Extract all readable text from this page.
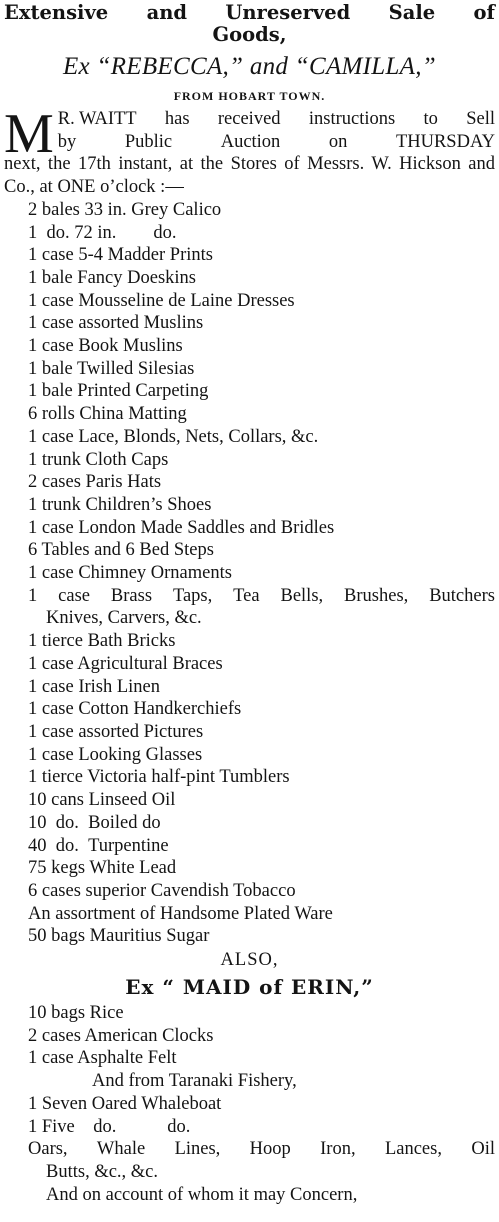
Extensive and Unreserved Sale of
Goods,
Ex “REBECCA,” and “CAMILLA,”
FROM HOBART TOWN.
M R. WAITT has received instructions to Sell
by	Public	Auction	on	THURSDAY
next, the 17th instant, at the Stores of Messrs. W. Hickson and Co., at ONE o’clock :—
2 bales 33 in. Grey Calico
1  do. 72 in.        do.
1 case 5-4 Madder Prints
1 bale Fancy Doeskins
1 case Mousseline de Laine Dresses
1 case assorted Muslins
1 case Book Muslins
1 bale Twilled Silesias
1 bale Printed Carpeting
6 rolls China Matting
1 case Lace, Blonds, Nets, Collars, &c.
1 trunk Cloth Caps
2 cases Paris Hats
1 trunk Children’s Shoes
1 case London Made Saddles and Bridles
6 Tables and 6 Bed Steps
1 case Chimney Ornaments
1 case Brass Taps, Tea Bells, Brushes, Butchers
Knives, Carvers, &c.
1 tierce Bath Bricks
1 case Agricultural Braces
1 case Irish Linen
1 case Cotton Handkerchiefs
1 case assorted Pictures
1 case Looking Glasses
1 tierce Victoria half-pint Tumblers
10 cans Linseed Oil
10  do.  Boiled do
40  do.  Turpentine
75 kegs White Lead
6 cases superior Cavendish Tobacco
An assortment of Handsome Plated Ware
50 bags Mauritius Sugar
ALSO,
Ex “ MAID of ERIN,”
10 bags Rice
2 cases American Clocks
1 case Asphalte Felt
And from Taranaki Fishery,
1 Seven Oared Whaleboat
1 Five    do.           do.
Oars, Whale Lines, Hoop Iron, Lances, Oil
Butts, &c., &c.
And on account of whom it may Concern,
